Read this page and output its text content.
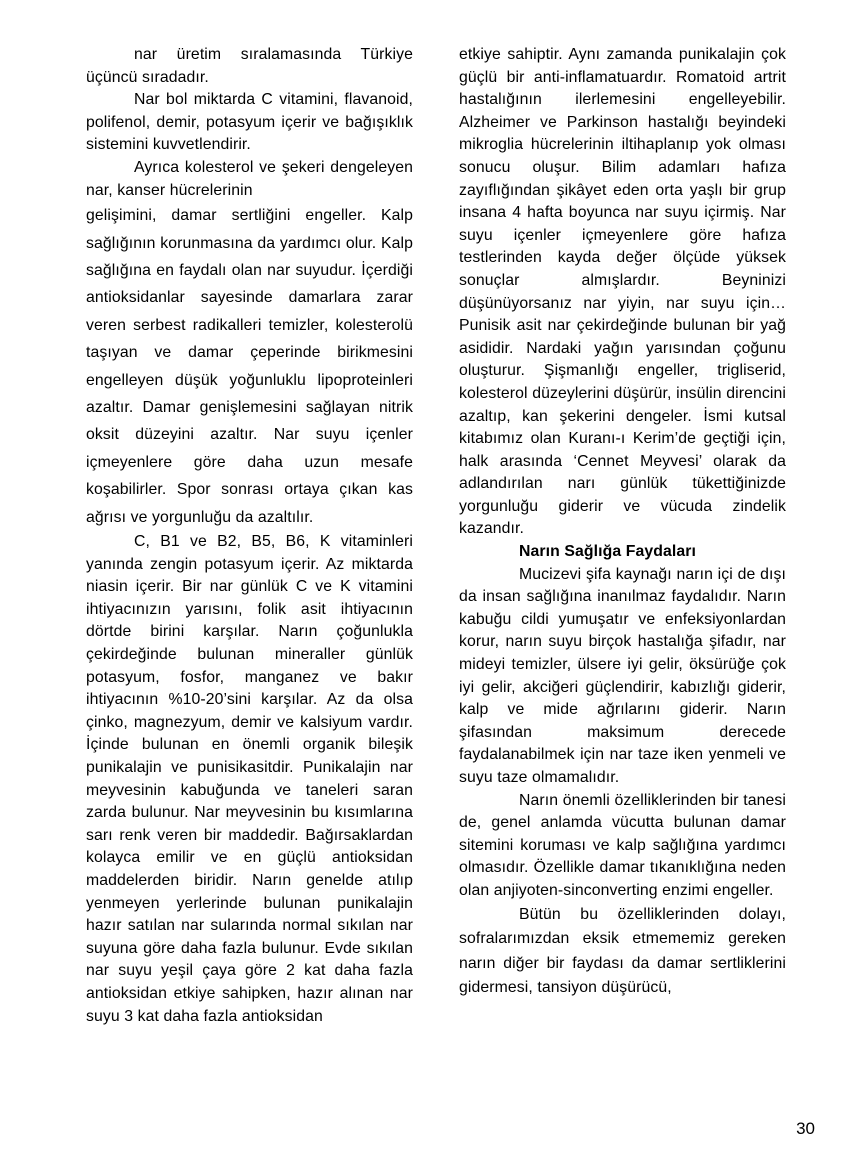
nar üretim sıralamasında Türkiye üçüncü sıradadır.

Nar bol miktarda C vitamini, flavanoid, polifenol, demir, potasyum içerir ve bağışıklık sistemini kuvvetlendirir.

Ayrıca kolesterol ve şekeri dengeleyen nar, kanser hücrelerinin

gelişimini, damar sertliğini engeller. Kalp sağlığının korunmasına da yardımcı olur. Kalp sağlığına en faydalı olan nar suyudur. İçerdiği antioksidanlar sayesinde damarlara zarar veren serbest radikalleri temizler, kolesterolü taşıyan ve damar çeperinde birikmesini engelleyen düşük yoğunluklu lipoproteinleri azaltır. Damar genişlemesini sağlayan nitrik oksit düzeyini azaltır. Nar suyu içenler içmeyenlere göre daha uzun mesafe koşabilirler. Spor sonrası ortaya çıkan kas ağrısı ve yorgunluğu da azaltılır.

C, B1 ve B2, B5, B6, K vitaminleri yanında zengin potasyum içerir. Az miktarda niasin içerir. Bir nar günlük C ve K vitamini ihtiyacınızın yarısını, folik asit ihtiyacının dörtde birini karşılar. Narın çoğunlukla çekirdeğinde bulunan mineraller günlük potasyum, fosfor, manganez ve bakır ihtiyacının %10-20’sini karşılar. Az da olsa çinko, magnezyum, demir ve kalsiyum vardır. İçinde bulunan en önemli organik bileşik punikalajin ve punisikasitdir. Punikalajin nar meyvesinin kabuğunda ve taneleri saran zarda bulunur. Nar meyvesinin bu kısımlarına sarı renk veren bir maddedir. Bağırsaklardan kolayca emilir ve en güçlü antioksidan maddelerden biridir. Narın genelde atılıp yenmeyen yerlerinde bulunan punikalajin hazır satılan nar sularında normal sıkılan nar suyuna göre daha fazla bulunur. Evde sıkılan nar suyu yeşil çaya göre 2 kat daha fazla antioksidan etkiye sahipken, hazır alınan nar suyu 3 kat daha fazla antioksidan

etkiye sahiptir. Aynı zamanda punikalajin çok güçlü bir anti-inflamatuardır. Romatoid artrit hastalığının ilerlemesini engelleyebilir. Alzheimer ve Parkinson hastalığı beyindeki mikroglia hücrelerinin iltihaplanıp yok olması sonucu oluşur. Bilim adamları hafıza zayıflığından şikâyet eden orta yaşlı bir grup insana 4 hafta boyunca nar suyu içirmiş. Nar suyu içenler içmeyenlere göre hafıza testlerinden kayda değer ölçüde yüksek sonuçlar almışlardır. Beyninizi düşünüyorsanız nar yiyin, nar suyu için…Punisik asit nar çekirdeğinde bulunan bir yağ asididir. Nardaki yağın yarısından çoğunu oluşturur. Şişmanlığı engeller, trigliserid, kolesterol düzeylerini düşürür, insülin direncini azaltıp, kan şekerini dengeler. İsmi kutsal kitabımız olan Kuranı-ı Kerim’de geçtiği için, halk arasında ‘Cennet Meyvesi’ olarak da adlandırılan narı günlük tükettiğinizde yorgunluğu giderir ve vücuda zindelik kazandır.

Narın Sağlığa Faydaları

Mucizevi şifa kaynağı narın içi de dışı da insan sağlığına inanılmaz faydalıdır. Narın kabuğu cildi yumuşatır ve enfeksiyonlardan korur, narın suyu birçok hastalığa şifadır, nar mideyi temizler, ülsere iyi gelir, öksürüğe çok iyi gelir, akciğeri güçlendirir, kabızlığı giderir, kalp ve mide ağrılarını giderir. Narın şifasından maksimum derecede faydalanabilmek için nar taze iken yenmeli ve suyu taze olmamalıdır.

Narın önemli özelliklerinden bir tanesi de, genel anlamda vücutta bulunan damar sitemini koruması ve kalp sağlığına yardımcı olmasıdır. Özellikle damar tıkanıklığına neden olan anjiyoten-sinconverting enzimi engeller.

Bütün bu özelliklerinden dolayı, sofralarımızdan eksik etmememiz gereken narın diğer bir faydası da damar sertliklerini gidermesi, tansiyon düşürücü,

30
